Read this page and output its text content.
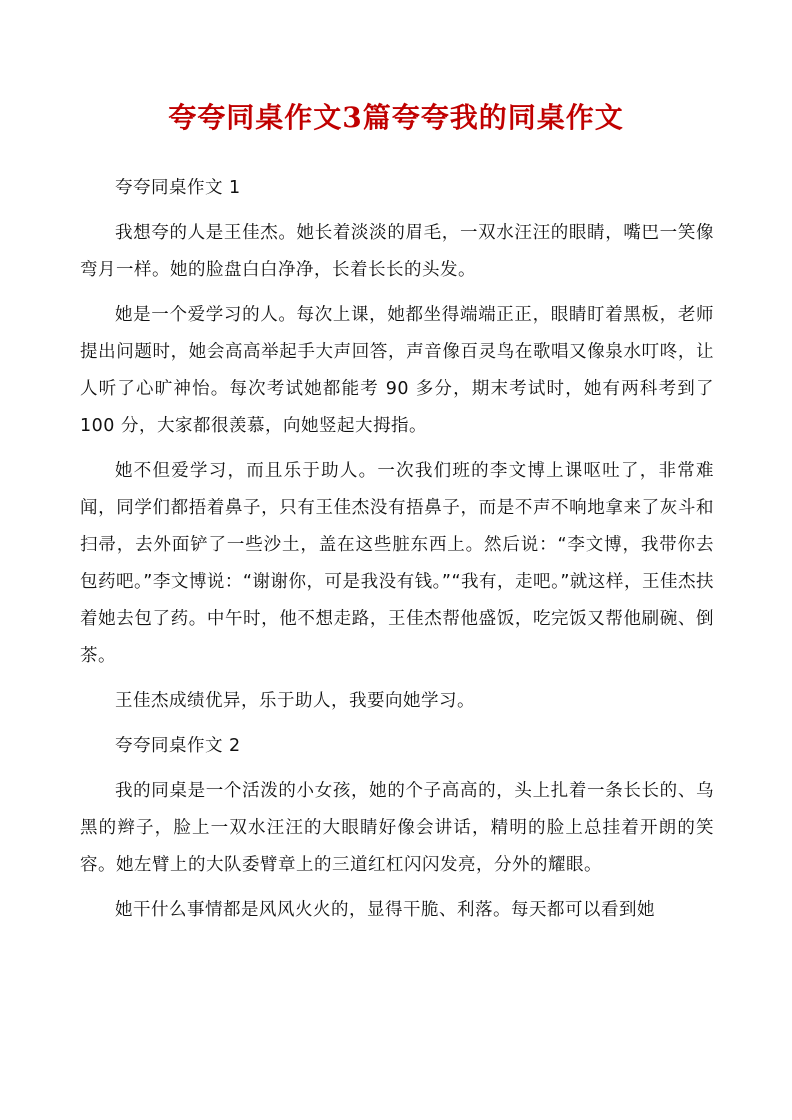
夸夸同桌作文3篇夸夸我的同桌作文

夸夸同桌作文 1

我想夸的人是王佳杰。她长着淡淡的眉毛，一双水汪汪的眼睛，嘴巴一笑像弯月一样。她的脸盘白白净净，长着长长的头发。

她是一个爱学习的人。每次上课，她都坐得端端正正，眼睛盯着黑板，老师提出问题时，她会高高举起手大声回答，声音像百灵鸟在歌唱又像泉水叮咚，让人听了心旷神怡。每次考试她都能考 90 多分，期末考试时，她有两科考到了 100 分，大家都很羡慕，向她竖起大拇指。

她不但爱学习，而且乐于助人。一次我们班的李文博上课呕吐了，非常难闻，同学们都捂着鼻子，只有王佳杰没有捂鼻子，而是不声不响地拿来了灰斗和扫帚，去外面铲了一些沙土，盖在这些脏东西上。然后说：“李文博，我带你去包药吧。”李文博说：“谢谢你，可是我没有钱。”“我有，走吧。”就这样，王佳杰扶着她去包了药。中午时，他不想走路，王佳杰帮他盛饭，吃完饭又帮他刷碗、倒茶。

王佳杰成绩优异，乐于助人，我要向她学习。

夸夸同桌作文 2

我的同桌是一个活泼的小女孩，她的个子高高的，头上扎着一条长长的、乌黑的辫子，脸上一双水汪汪的大眼睛好像会讲话，精明的脸上总挂着开朗的笑容。她左臂上的大队委臂章上的三道红杠闪闪发亮，分外的耀眼。

她干什么事情都是风风火火的，显得干脆、利落。每天都可以看到她
